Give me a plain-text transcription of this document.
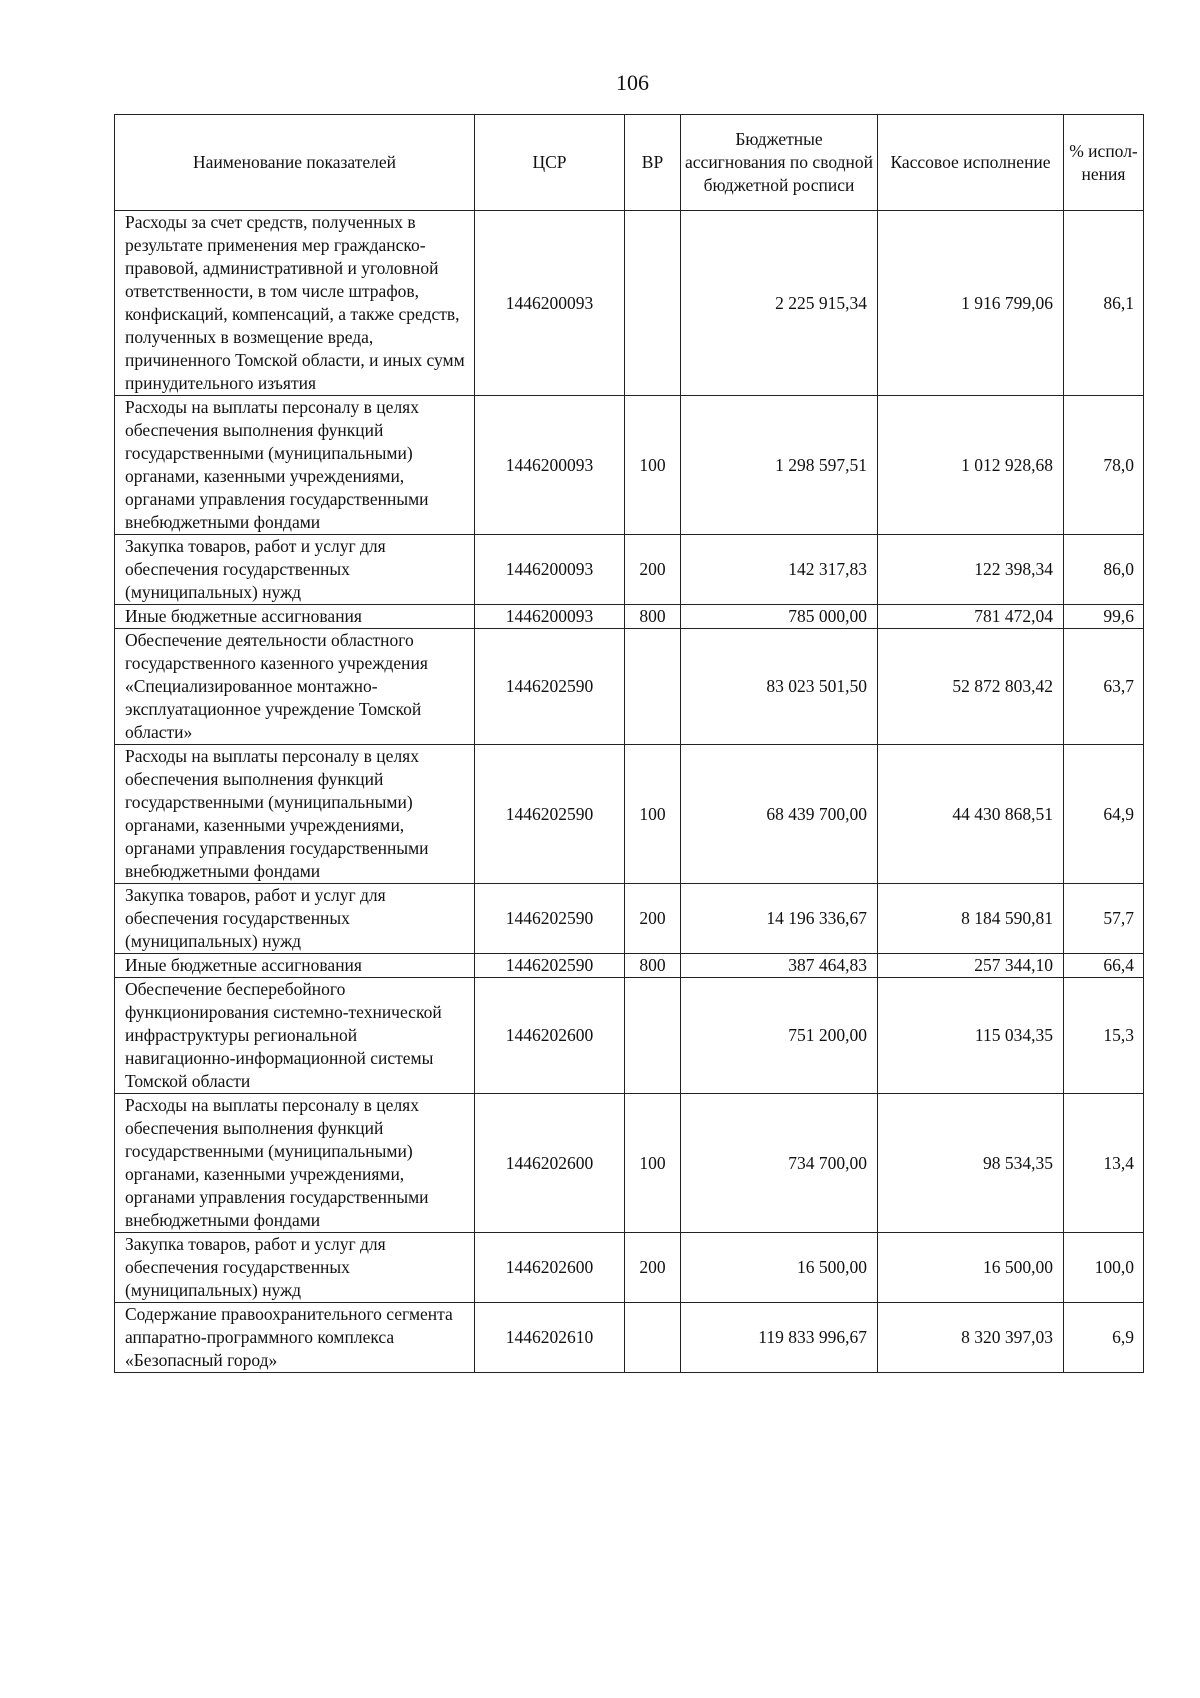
106
Наименование показателей	ЦСР	ВР	Бюджетные ассигнования по сводной бюджетной росписи	Кассовое исполнение	% испол-нения
Расходы за счет средств, полученных в результате применения мер гражданско-правовой, административной и уголовной ответственности, в том числе штрафов, конфискаций, компенсаций, а также средств, полученных в возмещение вреда, причиненного Томской области, и иных сумм принудительного изъятия	1446200093		2 225 915,34	1 916 799,06	86,1
Расходы на выплаты персоналу в целях обеспечения выполнения функций государственными (муниципальными) органами, казенными учреждениями, органами управления государственными внебюджетными фондами	1446200093	100	1 298 597,51	1 012 928,68	78,0
Закупка товаров, работ и услуг для обеспечения государственных (муниципальных) нужд	1446200093	200	142 317,83	122 398,34	86,0
Иные бюджетные ассигнования	1446200093	800	785 000,00	781 472,04	99,6
Обеспечение деятельности областного государственного казенного учреждения «Специализированное монтажно-эксплуатационное учреждение Томской области»	1446202590		83 023 501,50	52 872 803,42	63,7
Расходы на выплаты персоналу в целях обеспечения выполнения функций государственными (муниципальными) органами, казенными учреждениями, органами управления государственными внебюджетными фондами	1446202590	100	68 439 700,00	44 430 868,51	64,9
Закупка товаров, работ и услуг для обеспечения государственных (муниципальных) нужд	1446202590	200	14 196 336,67	8 184 590,81	57,7
Иные бюджетные ассигнования	1446202590	800	387 464,83	257 344,10	66,4
Обеспечение бесперебойного функционирования системно-технической инфраструктуры региональной навигационно-информационной системы Томской области	1446202600		751 200,00	115 034,35	15,3
Расходы на выплаты персоналу в целях обеспечения выполнения функций государственными (муниципальными) органами, казенными учреждениями, органами управления государственными внебюджетными фондами	1446202600	100	734 700,00	98 534,35	13,4
Закупка товаров, работ и услуг для обеспечения государственных (муниципальных) нужд	1446202600	200	16 500,00	16 500,00	100,0
Содержание правоохранительного сегмента аппаратно-программного комплекса «Безопасный город»	1446202610		119 833 996,67	8 320 397,03	6,9
